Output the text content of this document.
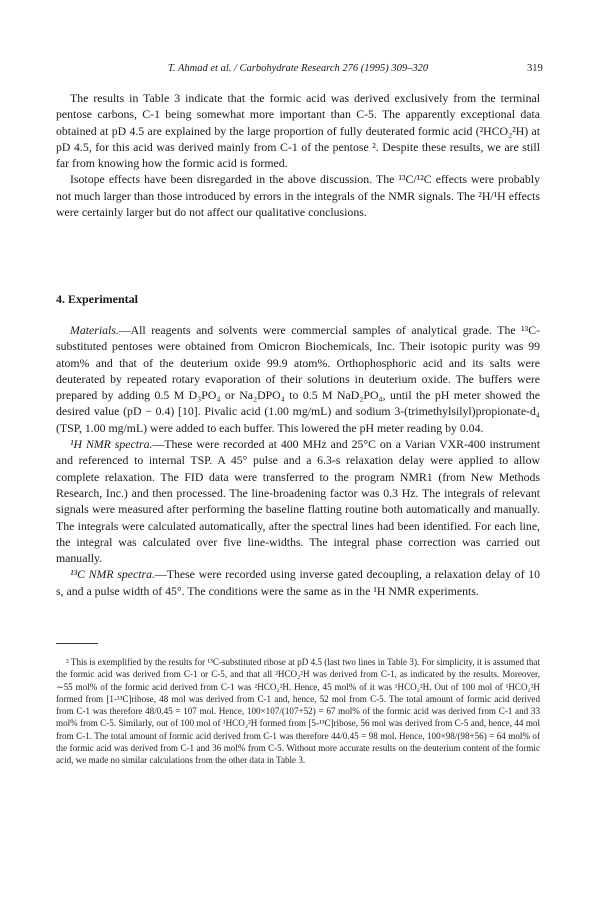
T. Ahmad et al. / Carbohydrate Research 276 (1995) 309–320	319

The results in Table 3 indicate that the formic acid was derived exclusively from the terminal pentose carbons, C-1 being somewhat more important than C-5. The apparently exceptional data obtained at pD 4.5 are explained by the large proportion of fully deuterated formic acid (²HCO₂²H) at pD 4.5, for this acid was derived mainly from C-1 of the pentose ². Despite these results, we are still far from knowing how the formic acid is formed.

Isotope effects have been disregarded in the above discussion. The ¹³C/¹²C effects were probably not much larger than those introduced by errors in the integrals of the NMR signals. The ²H/¹H effects were certainly larger but do not affect our qualitative conclusions.

4. Experimental

Materials.—All reagents and solvents were commercial samples of analytical grade. The ¹³C-substituted pentoses were obtained from Omicron Biochemicals, Inc. Their isotopic purity was 99 atom% and that of the deuterium oxide 99.9 atom%. Orthophosphoric acid and its salts were deuterated by repeated rotary evaporation of their solutions in deuterium oxide. The buffers were prepared by adding 0.5 M D₃PO₄ or Na₂DPO₄ to 0.5 M NaD₂PO₄, until the pH meter showed the desired value (pD − 0.4) [10]. Pivalic acid (1.00 mg/mL) and sodium 3-(trimethylsilyl)propionate-d₄ (TSP, 1.00 mg/mL) were added to each buffer. This lowered the pH meter reading by 0.04.

¹H NMR spectra.—These were recorded at 400 MHz and 25°C on a Varian VXR-400 instrument and referenced to internal TSP. A 45° pulse and a 6.3-s relaxation delay were applied to allow complete relaxation. The FID data were transferred to the program NMR1 (from New Methods Research, Inc.) and then processed. The line-broadening factor was 0.3 Hz. The integrals of relevant signals were measured after performing the baseline flatting routine both automatically and manually. The integrals were calculated automatically, after the spectral lines had been identified. For each line, the integral was calculated over five line-widths. The integral phase correction was carried out manually.

¹³C NMR spectra.—These were recorded using inverse gated decoupling, a relaxation delay of 10 s, and a pulse width of 45°. The conditions were the same as in the ¹H NMR experiments.

² This is exemplified by the results for ¹³C-substituted ribose at pD 4.5 (last two lines in Table 3). For simplicity, it is assumed that the formic acid was derived from C-1 or C-5, and that all ²HCO₂²H was derived from C-1, as indicated by the results. Moreover, ∼55 mol% of the formic acid derived from C-1 was ²HCO₂²H. Hence, 45 mol% of it was ¹HCO₂²H. Out of 100 mol of ¹HCO₂²H formed from [1-¹³C]ribose, 48 mol was derived from C-1 and, hence, 52 mol from C-5. The total amount of formic acid derived from C-1 was therefore 48/0.45 = 107 mol. Hence, 100×107/(107+52) = 67 mol% of the formic acid was derived from C-1 and 33 mol% from C-5. Similarly, out of 100 mol of ¹HCO₂²H formed from [5-¹³C]ribose, 56 mol was derived from C-5 and, hence, 44 mol from C-1. The total amount of formic acid derived from C-1 was therefore 44/0.45 = 98 mol. Hence, 100×98/(98+56) = 64 mol% of the formic acid was derived from C-1 and 36 mol% from C-5. Without more accurate results on the deuterium content of the formic acid, we made no similar calculations from the other data in Table 3.
